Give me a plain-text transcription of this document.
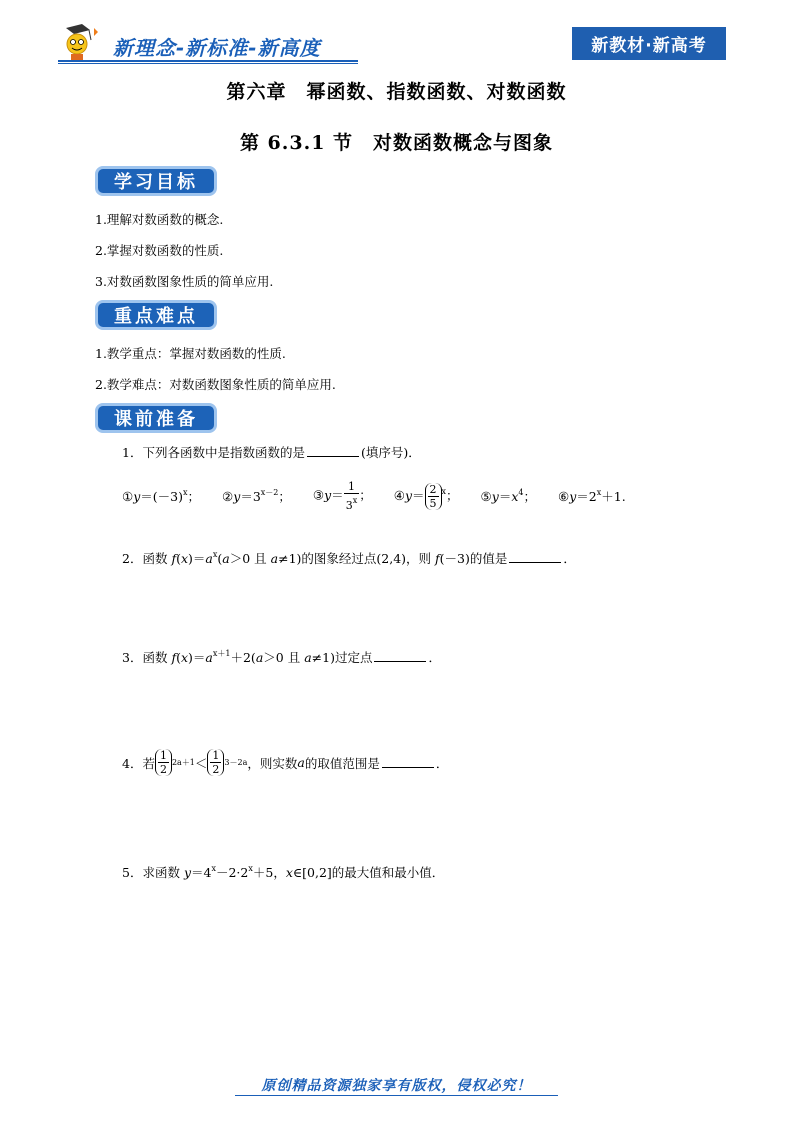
新理念-新标准-新高度	新教材·新高考
第六章　幂函数、指数函数、对数函数
第 6.3.1 节　对数函数概念与图象
学习目标
1.理解对数函数的概念.
2.掌握对数函数的性质.
3.对数函数图象性质的简单应用.
重点难点
1.教学重点：掌握对数函数的性质.
2.教学难点：对数函数图象性质的简单应用.
课前准备
1．下列各函数中是指数函数的是	(填序号)．
$①y=(-3)^x$； $②y=3^{x-2}$； ③y＝ $\frac{1}{3^x}$ ； ④y＝ $\frac{2}{5} ^x$； $⑤y=x^4$； $⑥y=2^x+1$.
2．函数 $f(x)=a^x(a>0$ 且 a≠1)的图象经过点(2,4)，则 f(－3)的值是	．
3．函数 $f(x)=a^{x+1}+2(a>0$ 且 a≠1)过定点	．
4．若 $\frac{1}{2} 2a+1 < \frac{1}{2} 3-2a$ ，则实数 a 的取值范围是	．
5．求函数 $y=4^x-2\cdot 2^x+5$，x∈[0,2]的最大值和最小值．
原创精品资源独家享有版权，侵权必究！
